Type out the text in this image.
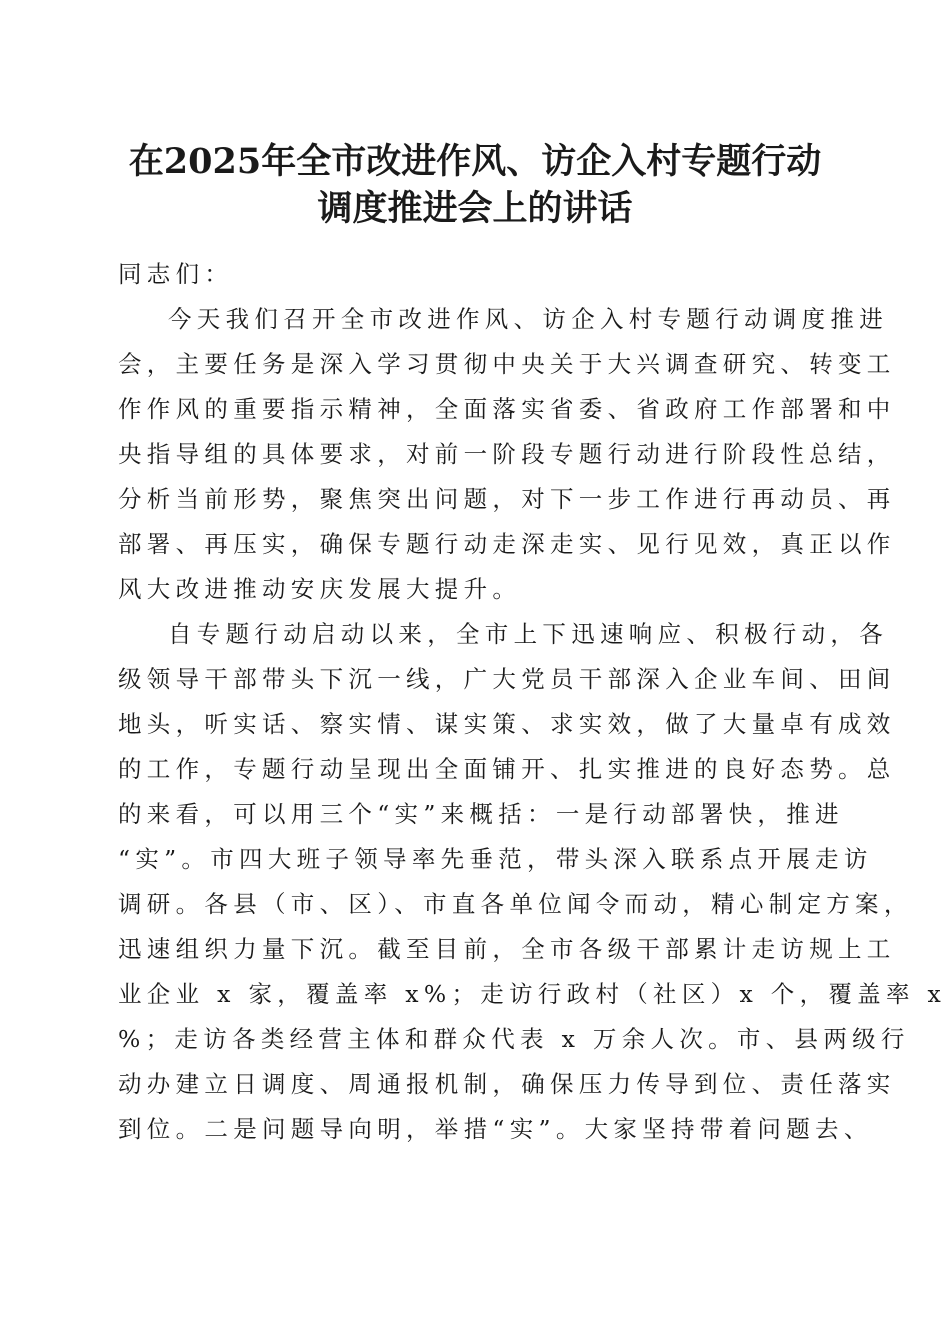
在2025年全市改进作风、访企入村专题行动
调度推进会上的讲话
同志们：
今天我们召开全市改进作风、访企入村专题行动调度推进
会，主要任务是深入学习贯彻中央关于大兴调查研究、转变工
作作风的重要指示精神，全面落实省委、省政府工作部署和中
央指导组的具体要求，对前一阶段专题行动进行阶段性总结，
分析当前形势，聚焦突出问题，对下一步工作进行再动员、再
部署、再压实，确保专题行动走深走实、见行见效，真正以作
风大改进推动安庆发展大提升。
自专题行动启动以来，全市上下迅速响应、积极行动，各
级领导干部带头下沉一线，广大党员干部深入企业车间、田间
地头，听实话、察实情、谋实策、求实效，做了大量卓有成效
的工作，专题行动呈现出全面铺开、扎实推进的良好态势。总
的来看，可以用三个“实”来概括：一是行动部署快，推进
“实”。市四大班子领导率先垂范，带头深入联系点开展走访
调研。各县（市、区）、市直各单位闻令而动，精心制定方案，
迅速组织力量下沉。截至目前，全市各级干部累计走访规上工
业企业 x 家，覆盖率 x%；走访行政村（社区）x 个，覆盖率 x
%；走访各类经营主体和群众代表 x 万余人次。市、县两级行
动办建立日调度、周通报机制，确保压力传导到位、责任落实
到位。二是问题导向明，举措“实”。大家坚持带着问题去、
